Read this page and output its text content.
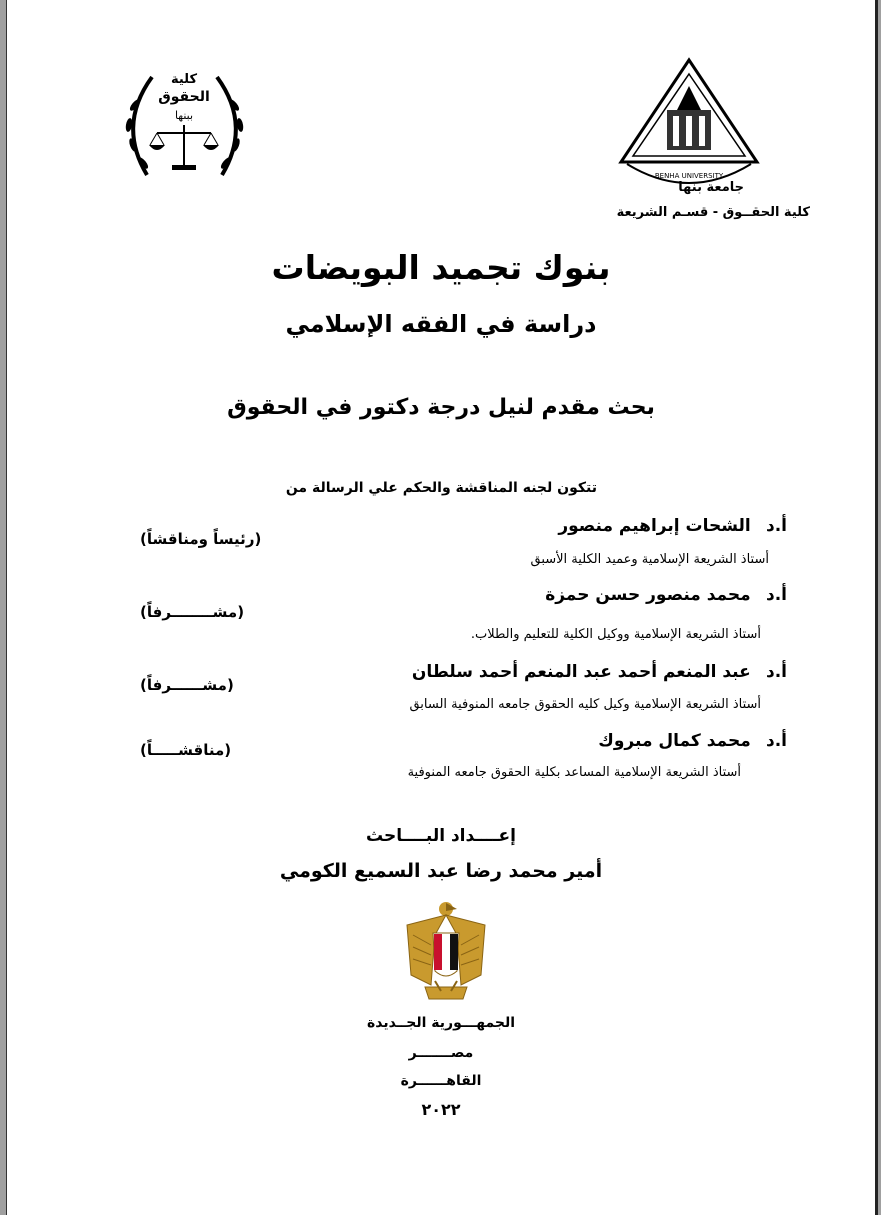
BENHA UNIVERSITY
كلية
الحقوق
ببنها
جامعة بنها
كلية الحقــوق - قسـم الشريعة
بنوك تجميد البويضات
دراسة في الفقه الإسلامي
بحث مقدم لنيل درجة دكتور في الحقوق
تتكون لجنه المناقشة والحكم علي الرسالة من
أ.د   الشحات إبراهيم منصور
(رئيساً ومناقشاً)
أستاذ الشريعة الإسلامية وعميد الكلية الأسبق
أ.د   محمد منصور حسن حمزة
(مشــــــــرفاً)
أستاذ الشريعة الإسلامية ووكيل الكلية للتعليم والطلاب.
أ.د   عبد المنعم أحمد عبد المنعم أحمد سلطان
(مشــــــرفاً)
أستاذ الشريعة الإسلامية وكيل كليه الحقوق جامعه المنوفية السابق
أ.د   محمد كمال مبروك
(مناقشـــــاً)
أستاذ الشريعة الإسلامية المساعد بكلية الحقوق جامعه المنوفية
إعــــداد البــــاحث
أمير محمد رضا عبد السميع الكومي
الجمهـــورية الجــديدة
مصـــــــر
القاهــــــرة
٢٠٢٢
